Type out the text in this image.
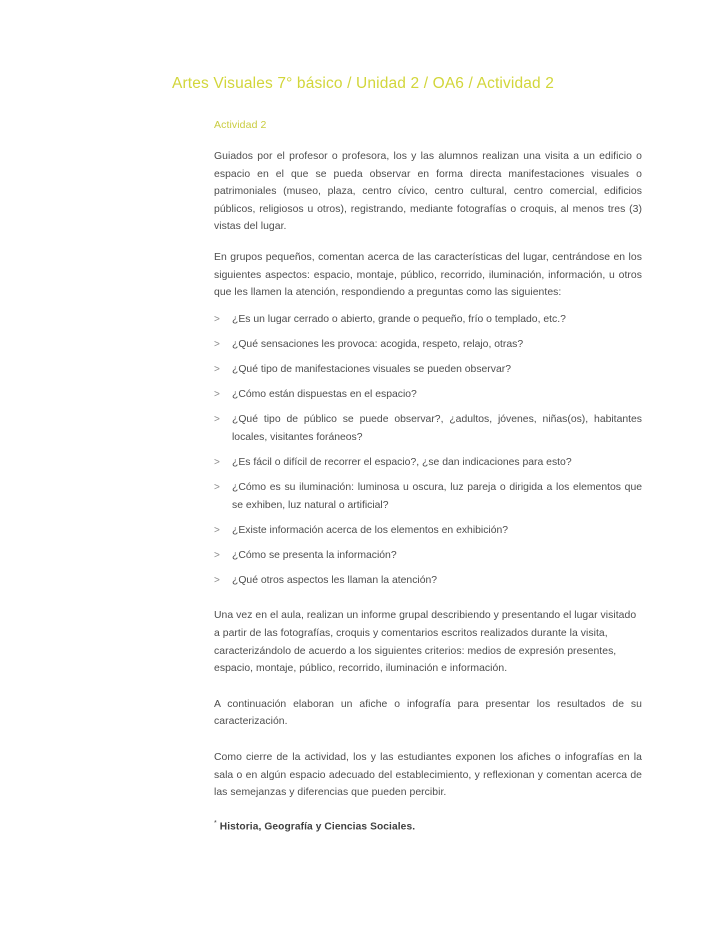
Artes Visuales 7° básico / Unidad 2 / OA6 / Actividad 2
Actividad 2

Guiados por el profesor o profesora, los y las alumnos realizan una visita a un edificio o espacio en el que se pueda observar en forma directa manifestaciones visuales o patrimoniales (museo, plaza, centro cívico, centro cultural, centro comercial, edificios públicos, religiosos u otros), registrando, mediante fotografías o croquis, al menos tres (3) vistas del lugar.

En grupos pequeños, comentan acerca de las características del lugar, centrándose en los siguientes aspectos: espacio, montaje, público, recorrido, iluminación, información, u otros que les llamen la atención, respondiendo a preguntas como las siguientes:

> ¿Es un lugar cerrado o abierto, grande o pequeño, frío o templado, etc.?
> ¿Qué sensaciones les provoca: acogida, respeto, relajo, otras?
> ¿Qué tipo de manifestaciones visuales se pueden observar?
> ¿Cómo están dispuestas en el espacio?
> ¿Qué tipo de público se puede observar?, ¿adultos, jóvenes, niñas(os), habitantes locales, visitantes foráneos?
> ¿Es fácil o difícil de recorrer el espacio?, ¿se dan indicaciones para esto?
> ¿Cómo es su iluminación: luminosa u oscura, luz pareja o dirigida a los elementos que se exhiben, luz natural o artificial?
> ¿Existe información acerca de los elementos en exhibición?
> ¿Cómo se presenta la información?
> ¿Qué otros aspectos les llaman la atención?

Una vez en el aula, realizan un informe grupal describiendo y presentando el lugar visitado a partir de las fotografías, croquis y comentarios escritos realizados durante la visita, caracterizándolo de acuerdo a los siguientes criterios: medios de expresión presentes, espacio, montaje, público, recorrido, iluminación e información.

A continuación elaboran un afiche o infografía para presentar los resultados de su caracterización.

Como cierre de la actividad, los y las estudiantes exponen los afiches o infografías en la sala o en algún espacio adecuado del establecimiento, y reflexionan y comentan acerca de las semejanzas y diferencias que pueden percibir.

* Historia, Geografía y Ciencias Sociales.
